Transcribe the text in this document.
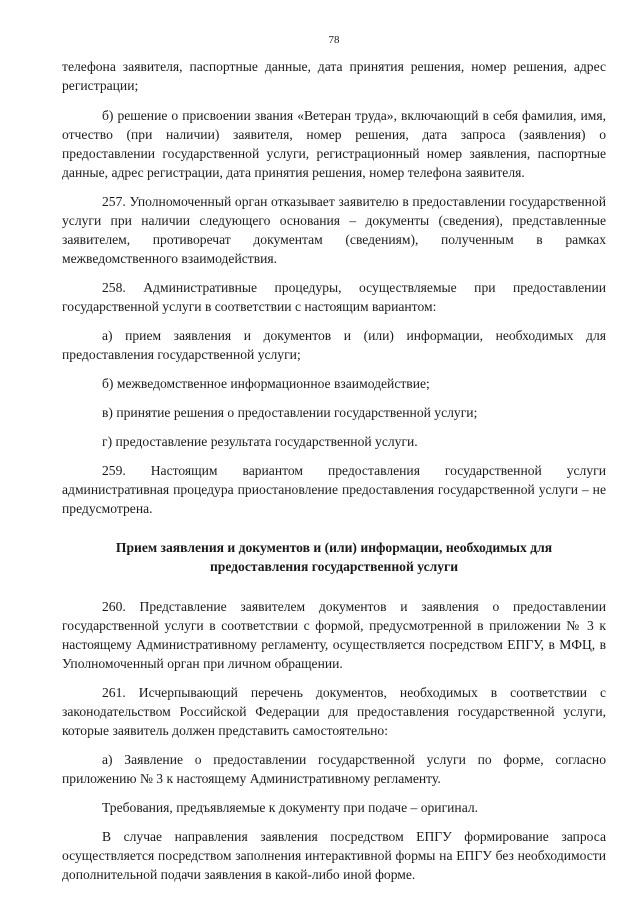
78

телефона заявителя, паспортные данные, дата принятия решения, номер решения, адрес регистрации;

б) решение о присвоении звания «Ветеран труда», включающий в себя фамилия, имя, отчество (при наличии) заявителя, номер решения, дата запроса (заявления) о предоставлении государственной услуги, регистрационный номер заявления, паспортные данные, адрес регистрации, дата принятия решения, номер телефона заявителя.

257. Уполномоченный орган отказывает заявителю в предоставлении государственной услуги при наличии следующего основания – документы (сведения), представленные заявителем, противоречат документам (сведениям), полученным в рамках межведомственного взаимодействия.

258. Административные процедуры, осуществляемые при предоставлении государственной услуги в соответствии с настоящим вариантом:

а) прием заявления и документов и (или) информации, необходимых для предоставления государственной услуги;

б) межведомственное информационное взаимодействие;

в) принятие решения о предоставлении государственной услуги;

г) предоставление результата государственной услуги.

259. Настоящим вариантом предоставления государственной услуги административная процедура приостановление предоставления государственной услуги – не предусмотрена.

Прием заявления и документов и (или) информации, необходимых для предоставления государственной услуги

260. Представление заявителем документов и заявления о предоставлении государственной услуги в соответствии с формой, предусмотренной в приложении № 3 к настоящему Административному регламенту, осуществляется посредством ЕПГУ, в МФЦ, в Уполномоченный орган при личном обращении.

261. Исчерпывающий перечень документов, необходимых в соответствии с законодательством Российской Федерации для предоставления государственной услуги, которые заявитель должен представить самостоятельно:

а) Заявление о предоставлении государственной услуги по форме, согласно приложению № 3 к настоящему Административному регламенту.

Требования, предъявляемые к документу при подаче – оригинал.

В случае направления заявления посредством ЕПГУ формирование запроса осуществляется посредством заполнения интерактивной формы на ЕПГУ без необходимости дополнительной подачи заявления в какой-либо иной форме.
